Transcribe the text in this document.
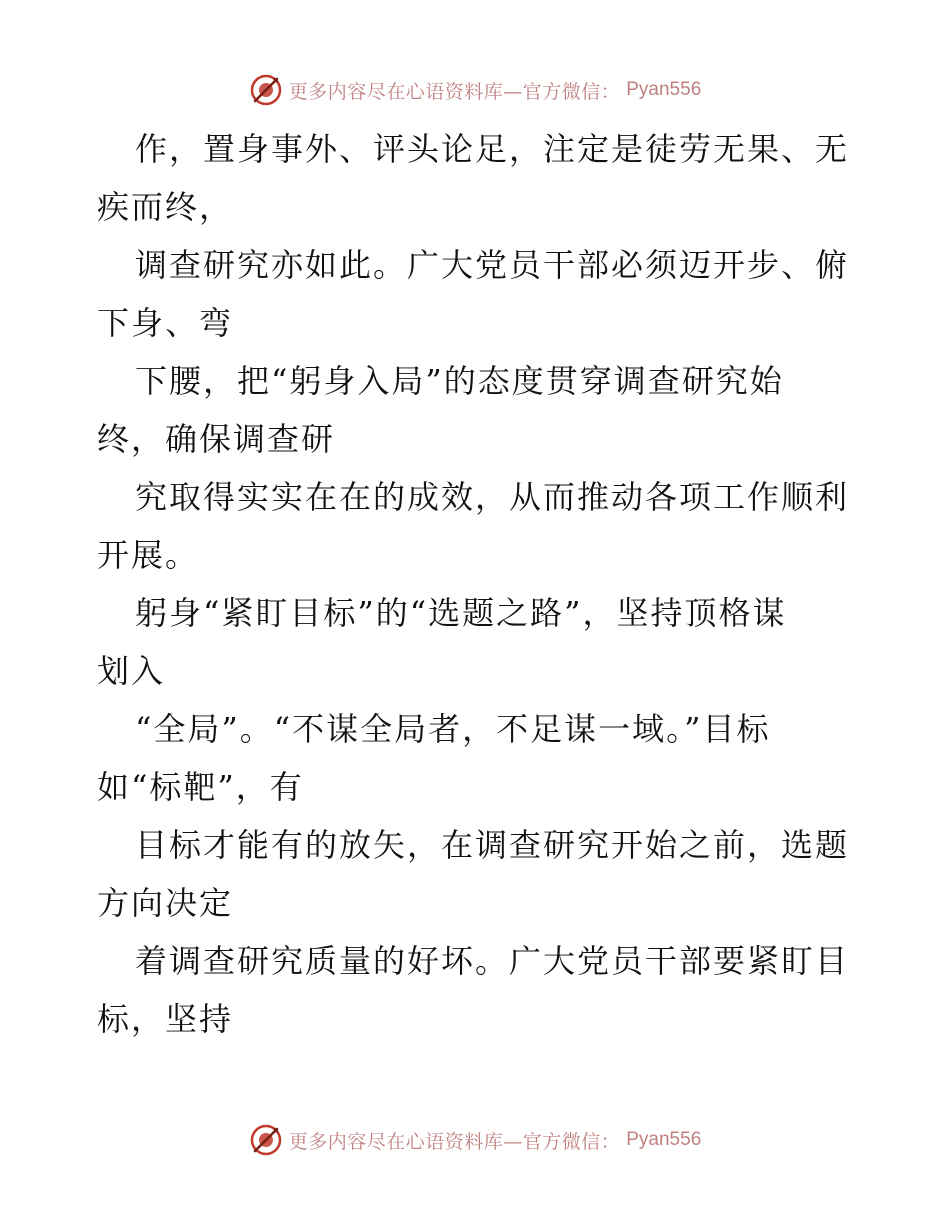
更多内容尽在心语资料库—官方微信： Pyan556

作，置身事外、评头论足，注定是徒劳无果、无
疾而终，

调查研究亦如此。广大党员干部必须迈开步、俯
下身、弯

下腰，把“躬身入局”的态度贯穿调查研究始
终，确保调查研

究取得实实在在的成效，从而推动各项工作顺利
开展。

躬身“紧盯目标”的“选题之路”，坚持顶格谋
划入

“全局”。“不谋全局者，不足谋一域。”目标
如“标靶”，有

目标才能有的放矢，在调查研究开始之前，选题
方向决定

着调查研究质量的好坏。广大党员干部要紧盯目
标，坚持

更多内容尽在心语资料库—官方微信： Pyan556
